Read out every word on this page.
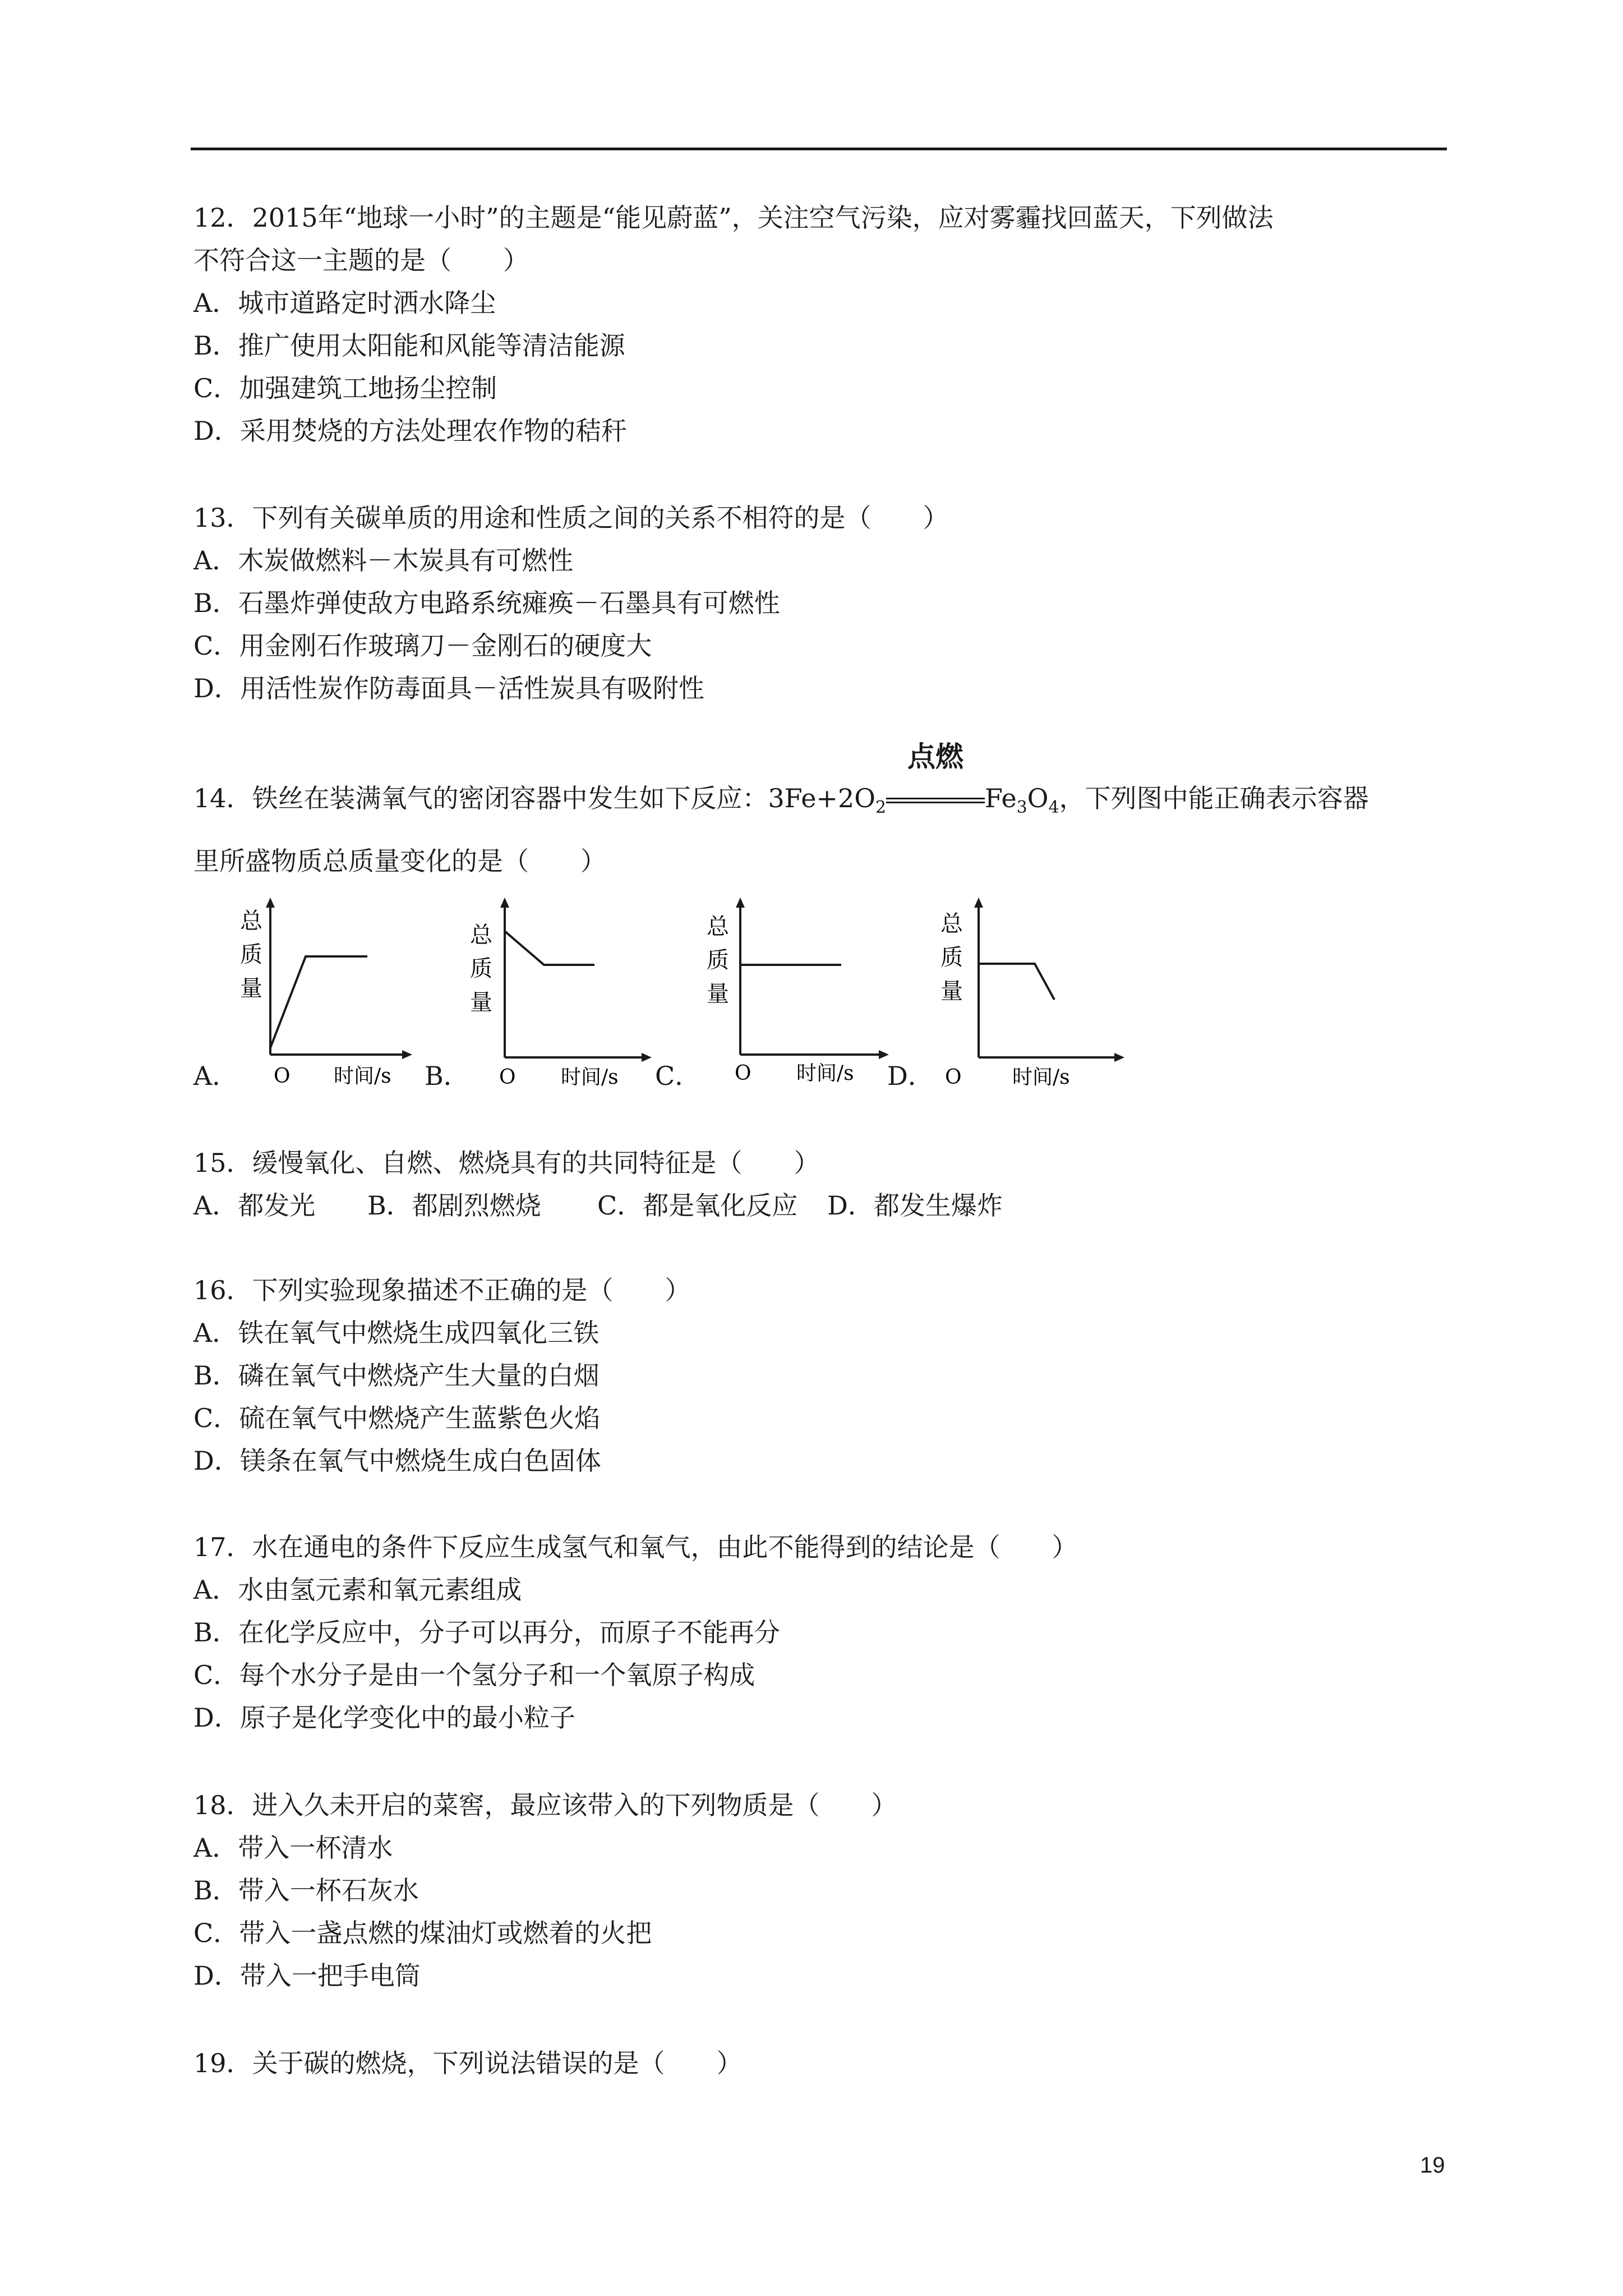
12．2015年“地球一小时”的主题是“能见蔚蓝”，关注空气污染，应对雾霾找回蓝天，下列做法
不符合这一主题的是（　　）
A．城市道路定时洒水降尘
B．推广使用太阳能和风能等清洁能源
C．加强建筑工地扬尘控制
D．采用焚烧的方法处理农作物的秸秆
13．下列有关碳单质的用途和性质之间的关系不相符的是（　　）
A．木炭做燃料－木炭具有可燃性
B．石墨炸弹使敌方电路系统瘫痪－石墨具有可燃性
C．用金刚石作玻璃刀－金刚石的硬度大
D．用活性炭作防毒面具－活性炭具有吸附性
14．铁丝在装满氧气的密闭容器中发生如下反应：$3Fe+2O_2$
点燃
$Fe_3O_4$，下列图中能正确表示容器
里所盛物质总质量变化的是（　　）
A．
总
质
量
O 时间/s B．
总
质
量
O 时间/s C．
总
质
量
O 时间/s D．
总
质
量
O	时间/s
15．缓慢氧化、自燃、燃烧具有的共同特征是（　　）
A．都发光 B．都剧烈燃烧 C．都是氧化反应 D．都发生爆炸
16．下列实验现象描述不正确的是（　　）
A．铁在氧气中燃烧生成四氧化三铁
B．磷在氧气中燃烧产生大量的白烟
C．硫在氧气中燃烧产生蓝紫色火焰
D．镁条在氧气中燃烧生成白色固体
17．水在通电的条件下反应生成氢气和氧气，由此不能得到的结论是（　　）
A．水由氢元素和氧元素组成
B．在化学反应中，分子可以再分，而原子不能再分
C．每个水分子是由一个氢分子和一个氧原子构成
D．原子是化学变化中的最小粒子
18．进入久未开启的菜窖，最应该带入的下列物质是（　　）
A．带入一杯清水
B．带入一杯石灰水
C．带入一盏点燃的煤油灯或燃着的火把
D．带入一把手电筒
19．关于碳的燃烧，下列说法错误的是（　　）
19
